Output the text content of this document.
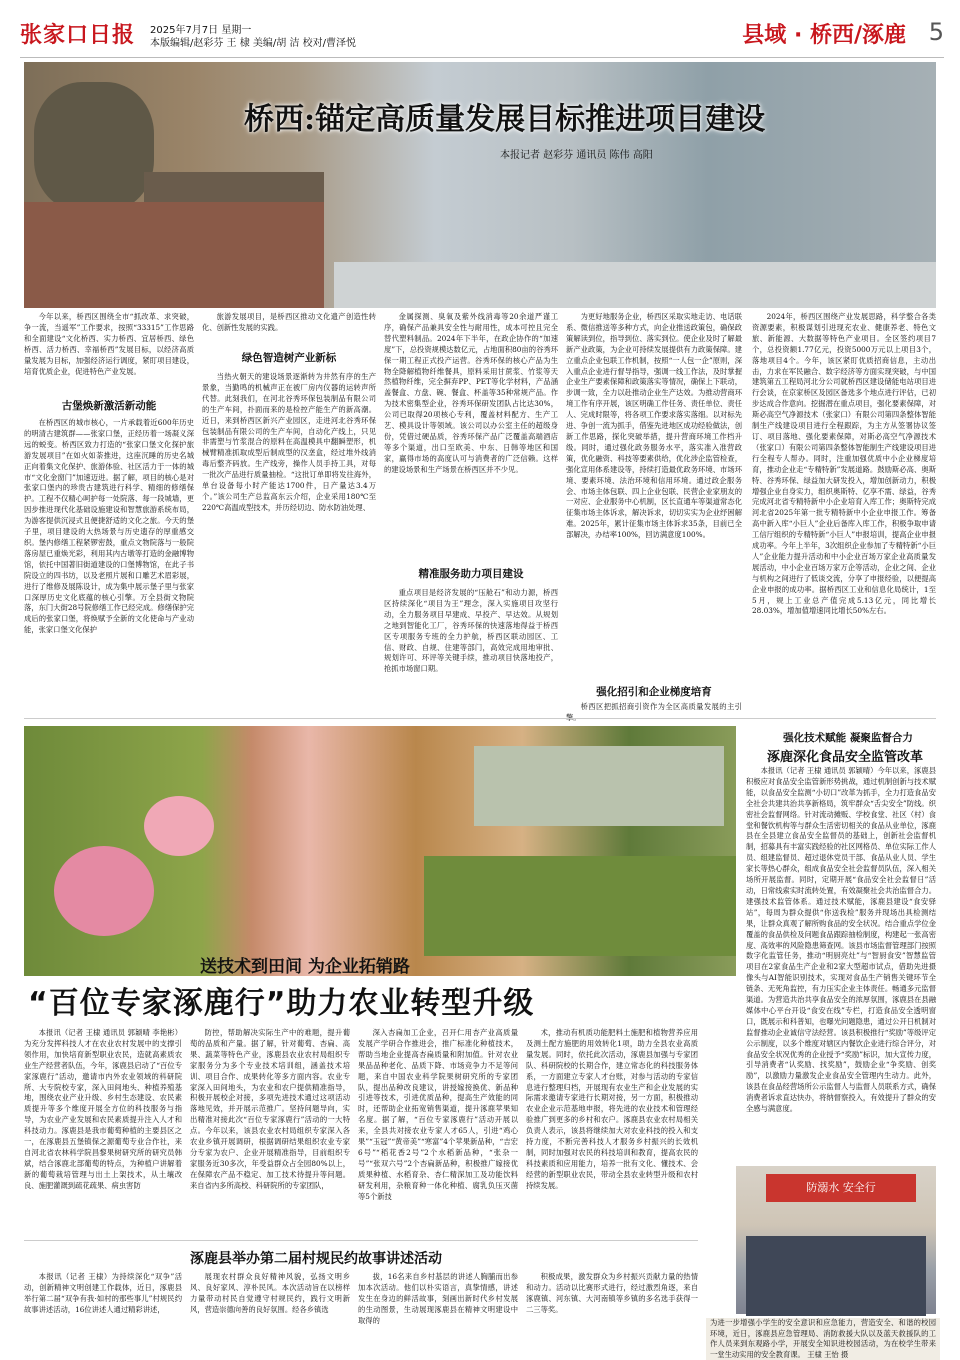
张家口日报 2025年7月7日 星期一
本版编辑/赵彩芬 王 棣 美编/胡 洁 校对/曹泽悦	县域 · 桥西/涿鹿 5
桥西:锚定高质量发展目标推进项目建设
本报记者 赵彩芬 通讯员 陈伟 高阳

今年以来，桥西区围绕全市“抓改革、求突破，争一流，当遥军”工作要求，按照“33315”工作思路和全面建设“文化桥西、实力桥西、宜居桥西、绿色桥西、活力桥西、幸福桥西”发展目标，以经济高质量发展为目标，加强经济运行调度，紧盯项目建设，培育优质企业，促进特色产业发展。

古堡焕新激活新动能

在桥西区的城市核心，一片承载着近600年历史的明清古建筑群——张家口堡，正经历着一场凝义深远的蜕变。桥西区致力打造的“张家口堡文化探护旅游发展项目”在如火如荼推进，这座沉睡的历史名城正向着集文化保护、旅游体验、社区活力于一体的城市“文化金窗门”加速迈进。据了解，项目的核心是对张家口堡内的珍贵古建筑进行科学、精细的修缮保护。工程不仅精心呵护每一处院落、每一段城墙，更因步推进现代化基础设施建设和智慧旅游系统布局，为游客提供沉浸式且便捷舒适的文化之旅。今天的堡子里，项目建设的大热场景与历史遗存的厚重感交织。堡内修缮工程紧锣密鼓，重点文物院落与一般院落房屋已重焕光彩，利用其内古墩等打造的金融博物馆，依托中国著旧街道建设的口堡博物馆，在此子书院设立的四书坊，以及老照片展和口雕艺术眉彩展，进行了维修及展陈设计，成为集中展示堡子里与张家口深厚历史文化底蕴的核心引擎。万全县街文物院落，东门大街28号院修缮工作已经完成。修缮保护完成后的张家口堡，将焕赋予全新的文化使命与产业动能，张家口堡文化保护

旅游发展项目，是桥西区推动文化遗产创造性转化、创新性发展的实践。

绿色智造树产业新标

当热火朝天的建设场景逐渐转为井然有序的生产景象，当勤鸣的机械声正在被厂房内仪器的运转声所代替。此刻我们，在河北谷秀环保包装制品有限公司的生产车间，扑面而来的是检控产能生产的新高潮。近日，来到桥西区新兴产业园区，走进河北谷秀环保包装制品有限公司的生产车间，自动化产线上，只见非需塑与竹浆混合的原料在高温模具中翻瞬塑形，机械臂精准抓取成型后制成型的汉垄盒，经过堆外线消毒后整齐码放。生产线旁，操作人员手持工具，对每一批次产品进行质量抽检。“这批订单即将发往海外，单台设备每小时产能达1700件，日产量达3.4万个。”该公司生产总监高东云介绍，企业采用180℃至220℃高温成型技术，并历经切边、防水防油处理、

金属探测、臭氧及紫外线消毒等20余道严谨工序，确保产品兼具安全性与耐用性，成本可控且完全替代塑料制品。2024年下半年，在政企协作的“加速度”下，总投资规模达数亿元，占地面积80亩的谷秀环保一期工程正式投产运营。谷秀环保的核心产品为生物全降解植物纤维餐具，原料采用甘蔗浆、竹浆等天然植物纤维，完全摒弃PP、PET等化学材料，产品涵盖餐盒、方盘、碗、餐盒、杯盖等35种常规产品。作为技术密集型企业，谷秀环保研发团队占比达30%，公司已取得20项核心专利，覆盖材料配方、生产工艺、模具设计等领域。该公司以办公室主任的超级身份，凭借过硬品质，谷秀环保产品广泛覆盖高端酒店等多个渠道，出口至欧美、中东、日韩等地区和国家，赢得市场的高度认可与消费者的广泛信赖。这样的建设场景和生产场景在桥西区并不少见。

精准服务助力项目建设

重点项目是经济发展的“压舱石”和动力源，桥西区持续深化“项目为王”理念，深入实施项目攻坚行动，全力服务项目早建成、早投产、早达效。从规划之地到智能化工厂，谷秀环保的快速落地得益于桥西区专项服务专班的全力护航，桥西区联动园区、工信、财政、自规、住建等部门，高效完成用地审批、规划许可、环评等关键手续，推动项目快落地投产，抢抓市场窗口期。

为更好地服务企业，桥西区采取实地走访、电话联系、微信推送等多种方式，向企业推送政策包，确保政策解读到位，指导到位、落实到位。使企业及时了解最新产业政策，为企业可持续发展提供有力政策保障。建立重点企业包联工作机制，按照“一人包一企”原则，深入重点企业进行督导指导，强调一线工作法，及时掌握企业生产要素保障和政策落实等情况，确保上下联动，步调一致，全力以赴推动企业生产达效。为推动营商环境工作有序开展，该区明确工作任务、责任单位、责任人、完成时限等，将各项工作要求落实落细。以对标先进、争创一流为抓手，借鉴先进地区成功经验做法，创新工作思路，探化突破举措，提升营商环境工作档升级。同时，通过强化政务服务水平，落实准入准营政策，优化融资、科技等要素供给，优化涉企监管检查，强化宣用体系建设等，持续打造最优政务环境、市场环境、要素环境、法治环境和信用环境。通过政企服务会、市场主体包联、四上企业包联、民营企业家朋友的一对应、企业服务中心机制，区长直通车等渠道常态化征集市场主体诉求，解决诉求，切切实实为企业纾困解难。2025年，累计征集市场主体诉求35条，目前已全部解决，办结率100%，回访满意度100%。

强化招引和企业梯度培育

桥西区把抓招商引资作为全区高质量发展的主引

2024年，桥西区围绕产业发展思路，科学整合各类资源要素，积极谋划引进现充农业、健康养老、特色文旅、新能源、大数据等特色产业项目。全区签约项目7个，总投资额1.77亿元，投资5000万元以上项目3个，落地项目4个。今年，该区紧盯优质招商信息，主动出击，力求在军民融合、数字经济等方面实现突破，与中国建筑第五工程局河北分公司就桥西区建设储能电站项目进行会谈，在京家桥区及园区备选多个地点进行评估，已初步达成合作意向。挖掘潜在重点项目，强化要素保障，对斯必高空气净源技术（张家口）有限公司第四条整体智能制生产线建设项目进行全程跟踪，为主方从签署协议签订、项目落地、强化要素保障，对斯必高空气净源技术（张家口）有限公司第四条整体智能制生产线建设项目进行全程专人帮办。同时，注重加强优质中小企业梯度培育，推动企业走“专精特新”发展道路。鼓励斯必高、奥斯特、谷秀环保、绿益加大研发投入，增加创新动力，积极增强企业自身实力，组织奥斯特、亿享不需、绿益，谷秀完成河北省专精特新中小企业培育入库工作；奥斯特完成河北省2025年第一批专精特新中小企业申报工作。筹备高中新入库“小巨人”企业后备库入库工作，积极争取申请工信厅组织的专精特新“小巨人”申报培训，提高企业申报成功率。今年上半年，3次组织企业参加了专精特新“小巨人”企业能力提升活动和中小企业百场万家企业高质量发展活动，中小企业百场万家万企等活动，企业之间、企业与机构之间进行了低谈交流，分享了申报经验，以便提高企业申报的成功率。据桥西区工业和信息化局统计，1至5月，规上工业总产值完成5.13亿元，同比增长28.03%，增加值增速同比增长50%左右。

送技术到田间 为企业拓销路
“百位专家涿鹿行”助力农业转型升级

本报讯（记者 王棣 通讯员 郭颖晴 李艳彬）为充分发挥科技人才在农业农村发展中的支撑引领作用，加快培育新型职业农民，造就高素质农业生产经营者队伍，今年，涿鹿县启动了“百位专家涿鹿行”活动，邀请市内外农业领域的科研院所、大专院校专家，深入田间地头、种植养殖基地，围绕农业产业升级、乡村生态建设、农民素质提升等多个维度开展全方位的科技服务与指导，为农业产业发展和农民素质提升注入人才和科技动力。涿鹿县是我市葡萄种植的主要县区之一，在涿鹿县五堡镇保之源葡萄专业合作社，来自河北省农林科学院昌黎果树研究所的研究员韩斌，结合涿鹿北部葡萄的特点，为种植户讲解着新的葡萄栽培管理与出土上架技术，从土壤改良、施肥灌溉到疏花疏果、病虫害防

防控，帮助解决实际生产中的难题，提升葡萄的品质和产量。据了解，针对葡萄、杏扁、高果、蔬菜等特色产业，涿鹿县农业农村局组织专家服务分为多个专业技术培训组，涵盖技术培训、项目合作、成果转化等多方面内容。农业专家深入田间地头，为农业和农户提供精准指导，积极开展校企对接，多项先进技术通过这项活动落地见效，并开展示范推广。坚持问题导向，实出精准对接此次“百位专家涿鹿行”活动的一大特点。今年以来，该县农业农村局组织专家深入各农业乡镇开展调研，根据调研结果组织农业专家分专家为农户、企业开展精准指导，目前组织专家服务近30多次，年受益群众占全园80%以上，在保障农产品不稳定、加工技术待提升等问题。来自省内多所高校、科研院所的专家团队，

深入杏扁加工企业，召开仁用杏产业高质量发展产学研合作推进会，推广标准化种植技术，帮助当地企业提高杏扁质量和附加值。针对农业果品品种老化、品质下降、市场竞争力不足等问题，来自中国农业科学院果树研究所的专家团队，提出品种改良建议，讲授嫁接换优、新品种引进等技术，引进优质品种，提高生产效能的同时，还帮助企业拓宽销售渠道，提升涿鹿苹果知名度。据了解，“百位专家涿鹿行”活动开展以来，全县共对接农业专家人才65人，引进“鸡心果”“玉冠”“黄帝美”“寒富”4个苹果新品种，“吉宏6号”“稻花香2号”2个水稻新品种，“张杂一号”“张双六号”2个杏扁新品种，积极推广嫁接优质果种植、水稻育杂、杏仁精深加工及功能饮料研发利用，杂粮育种一体化种植、腐乳负压灭菌等5个新技

术，推动有机质功能肥料土施肥和植物营养应用及测土配方施肥的用效转化1项，助力全县农业高质量发展。同时，依托此次活动，涿鹿县加强与专家团队、科研院校的长期合作，建立常态化的科技服务体系，一方面建立专家人才台账，对参与活动的专家信息进行整理归档，开展现有农业生产和企业发展的实际需求邀请专家进行长期对接，另一方面，积极推动农业企业示范基地申报，将先进的农业技术和管理经验推广到更多的乡村和农户。涿鹿县农业农村局相关负责人表示，该县将继续加大对农业科技的投入和支持力度，不断完善科技人才服务乡村振兴的长效机制，同时加强对农民的科技培训和教育，提高农民的科技素质和应用能力，培养一批有文化、懂技术、会经营的新型职业农民，带动全县农业转型升级和农村持续发展。

强化技术赋能 凝聚监督合力
涿鹿深化食品安全监管改革

本报讯（记者 王棣 通讯员 郭颖晴）今年以来，涿鹿县积极应对食品安全监管新形势挑战，通过机制创新与技术赋能，以食品安全监测“小切口”改革为抓手，全力打造食品安全社会共建共治共享新格局，筑牢群众“舌尖安全”防线。织密社会监督网络。针对流动摊贩、学校食堂、社区（村）食堂和餐饮机构等与群众生活密切相关的食品从业单位，涿鹿县在全县建立食品安全监督员的基础上，创新社会监督机制，招募具有丰富实践经验的社区网格员、单位实际工作人员、组建监督员、超过退休党员干部、食品从业人员、学生家长等热心群众，组成食品安全社会监督员队伍，深入相关场所开展监督。同时，定期开展“食品安全社会监督日”活动，日常线索实时流转处置，有效凝聚社会共治监督合力。建强技术监管体系。通过技术赋能，涿鹿县建设“食安驿站”，每周为群众提供“你送我检”服务并现场出具检测结果，让群众真观了解所购食品的安全状况。结合重点学位金覆盖的食品供检及问题食品跟踪抽检制度，构建起一张高密度、高效率的风险隐患筛查网。该县市场监督管理部门按照数字化监管任务，推动“明厨亮灶”与“智厨食安”智慧监管项目在2家食品生产企业和2家大型超市试点，借助先进摄像头与AI智能识别技术，实现对食品生产销售关键环节全链条、无死角监控，有力压实企业主体责任。畅通多元监督渠道。为营造共治共享食品安全的浓厚氛围，涿鹿县在县融媒体中心平台开设“食安在线”专栏，打造食品安全透明窗口，既展示和科普知，也曝光问题隐患，通过公开日机制对监督推动企业诚信守法经营。该县积极推行“奖励”等级评定公示制度，以多个维度对辖区内餐饮企业进行综合评分，对食品安全状况优秀的企业授予“奖励”标识，加大宣传力度，引导消费者“认奖励、找奖励”，鼓励企业“争奖励、创奖励”，以激励力量激发企业食品安全管理内生动力。此外，该县在食品经营场所公示监督人与监督人员联系方式，确保消费者诉求直达快办，将纳督察投入，有效提升了群众的安全感与满意度。

防溺水 安全行
为进一步增强小学生的安全意识和应急能力，营造安全、和谐的校园环境，近日，涿鹿县应急管理局、消防救援大队以及蓝天救援队的工作人员来到东观路小学，开展安全知识进校园活动，为在校学生带来一堂生动实用的安全教育课。 王棣 王怡 摄
涿鹿县举办第二届村规民约故事讲述活动

本报讯（记者 王棣）为持续深化“双争”活动，创新精神文明创建工作载体，近日，涿鹿县举行第二届“双争有我·如村的那些事儿”村规民约故事讲述活动，16位讲述人通过精彩讲述，

展现农村群众良好精神风貌，弘扬文明乡风、良好家风、淳朴民风。本次活动旨在以榜样力量带动村民自觉遵守村规民约，践行文明新风，营造崇德向善的良好氛围。经各乡镇选

拔，16名来自乡村基层的讲述人胸脯而出参加本次活动。他们以朴实语言，真挚情感，讲述发生在身边的鲜活故事，刻画出新时代乡村发展的生动图景，生动展现涿鹿县在精神文明建设中取得的

积极成果，激发群众为乡村振兴贡献力量的热情和动力。活动以比赛形式进行，经过激烈角逐，来自涿鹿镇、河东镇、大河南镇等乡镇的多名选手获得一二三等奖。
